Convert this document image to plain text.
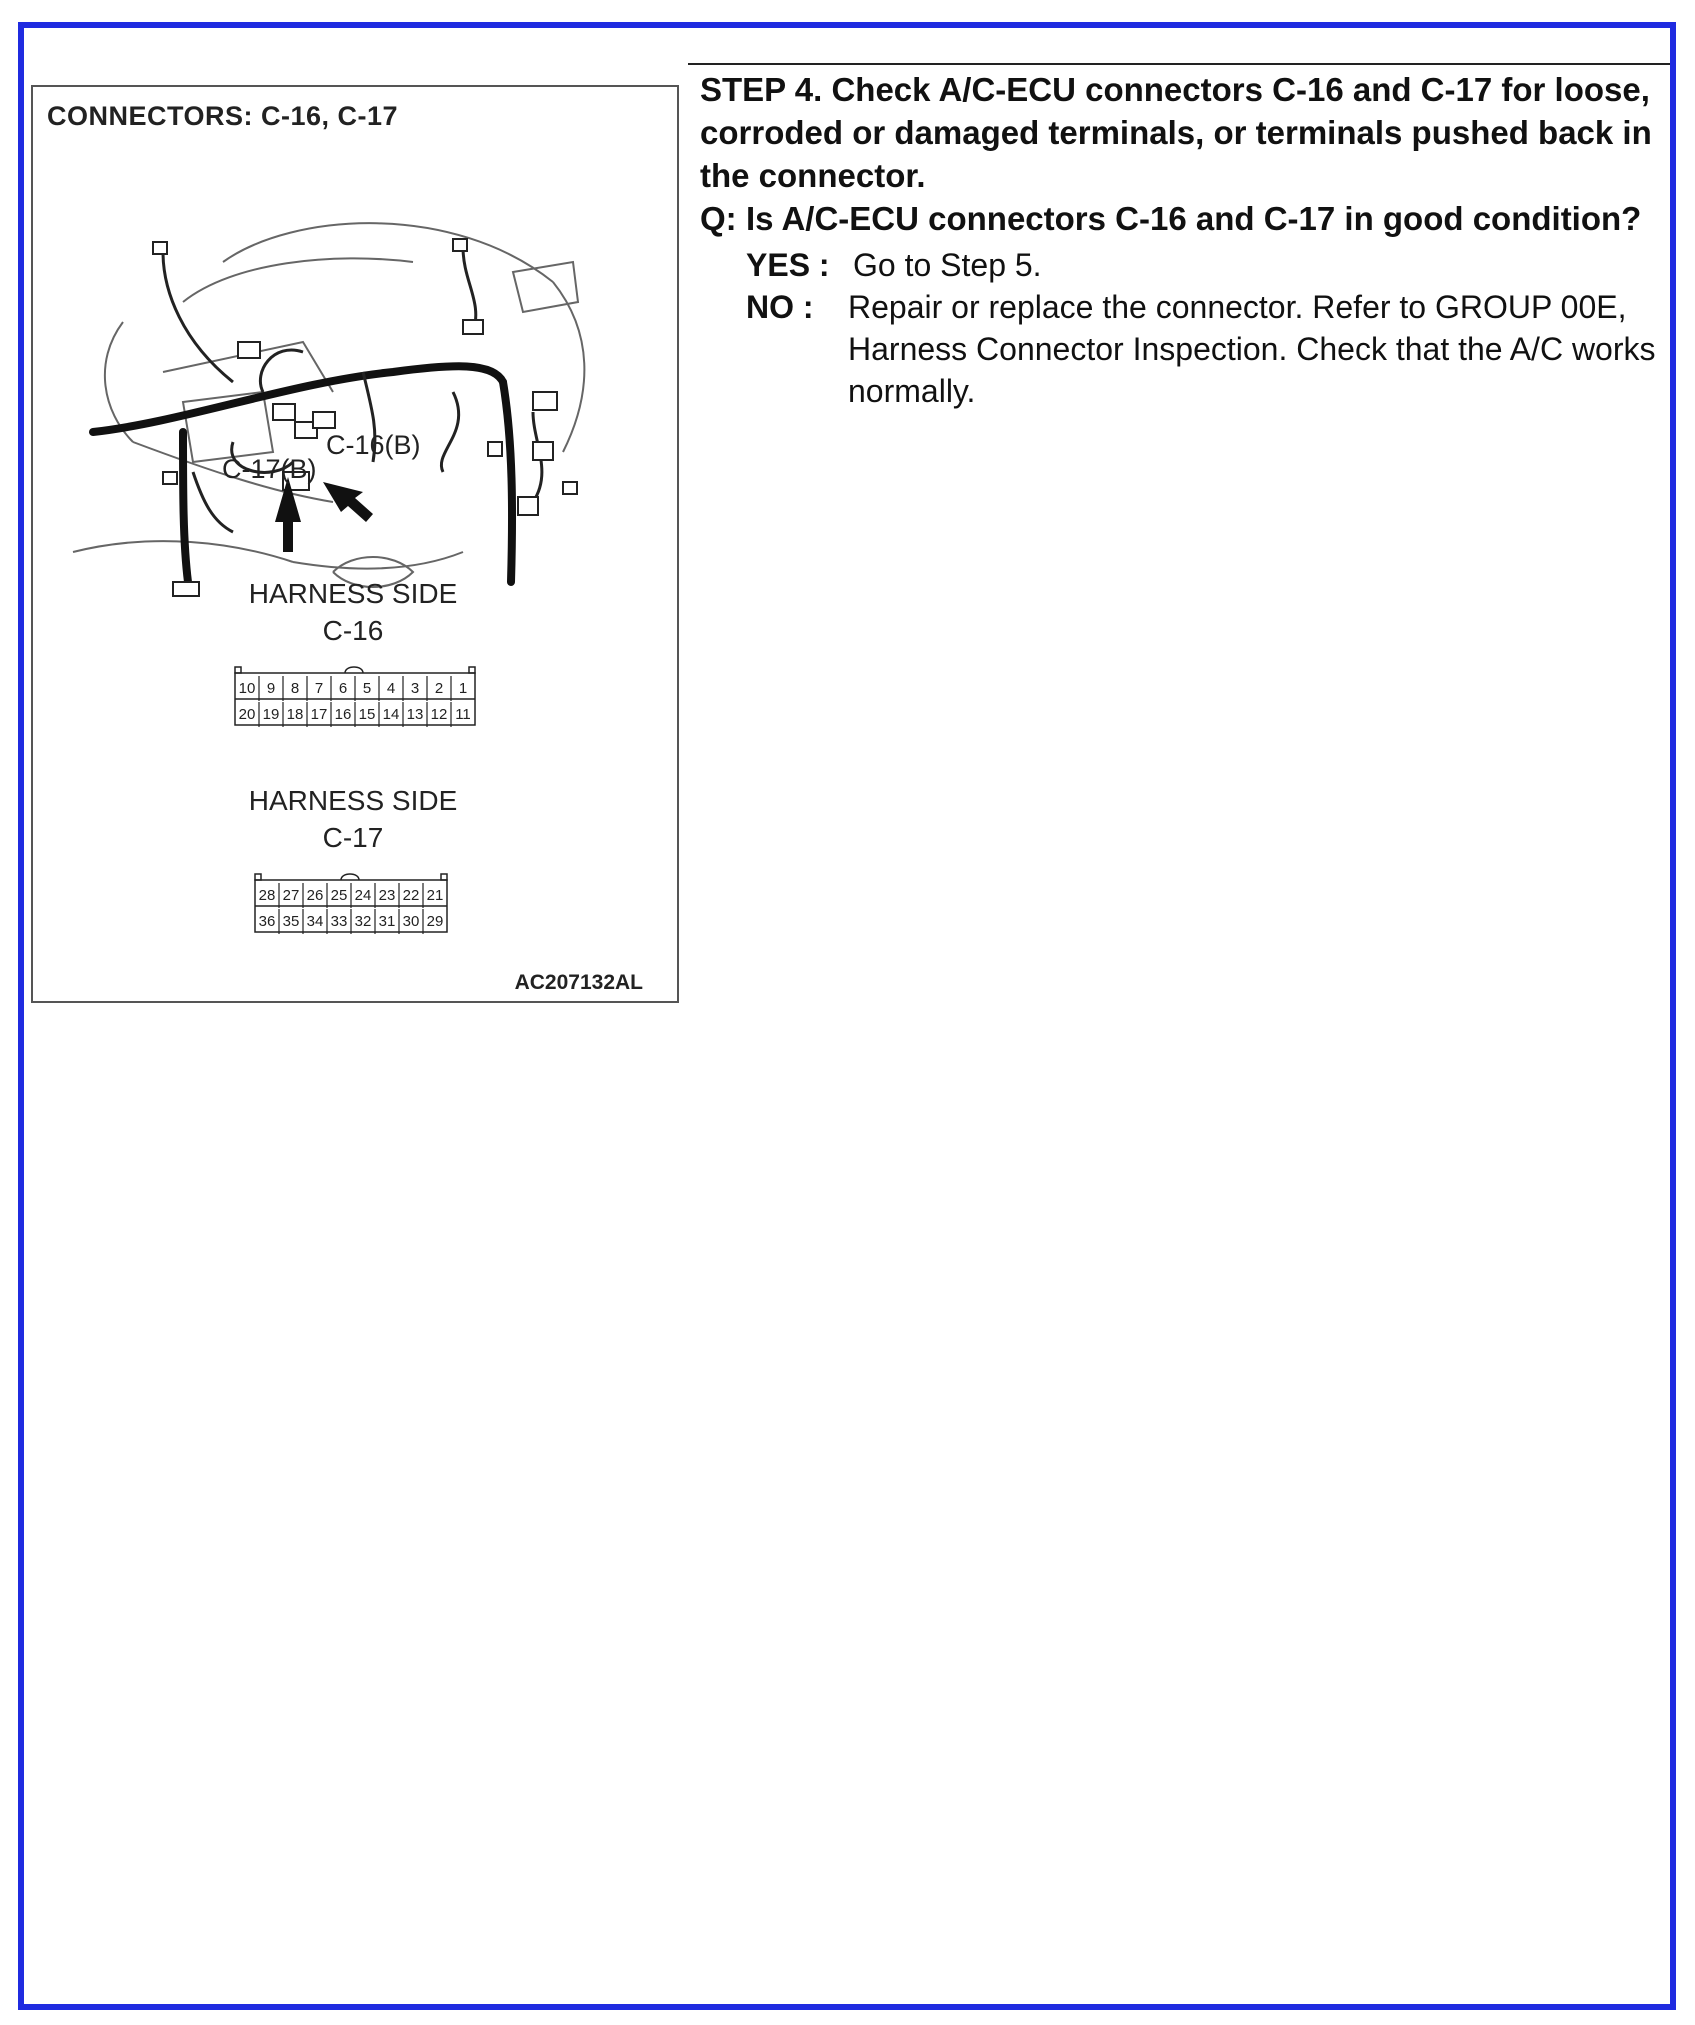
CONNECTORS: C-16, C-17
C-16(B)
C-17(B)
HARNESS SIDE
C-16
10 9 8 7 6 5 4 3 2 1
20 19 18 17 16 15 14 13 12 11
HARNESS SIDE
C-17
28 27 26 25 24 23 22 21
36 35 34 33 32 31 30 29
AC207132AL

STEP 4. Check A/C-ECU connectors C-16 and C-17 for loose, corroded or damaged terminals, or terminals pushed back in the connector.

Q: Is A/C-ECU connectors C-16 and C-17 in good condition?
YES : Go to Step 5.
NO :	Repair or replace the connector. Refer to GROUP 00E, Harness Connector Inspection. Check that the A/C works normally.
